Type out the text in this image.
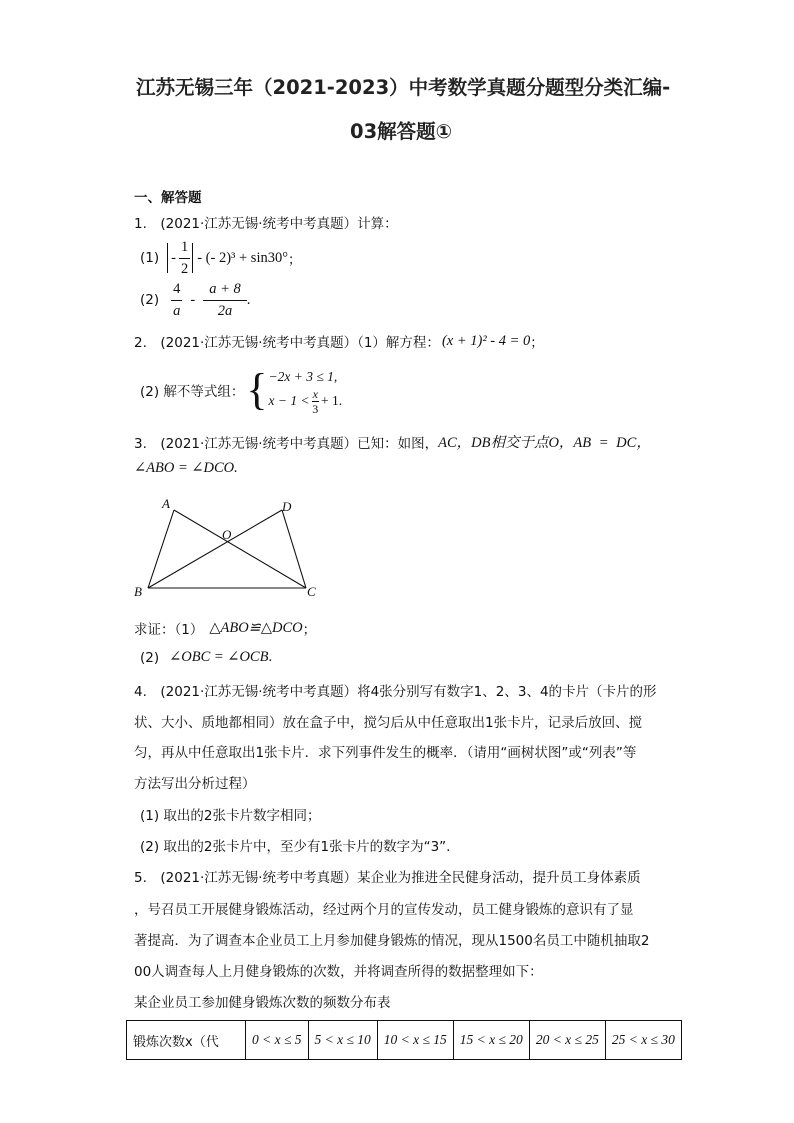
江苏无锡三年（2021-2023）中考数学真题分题型分类汇编-
03解答题①
一、解答题
1.　(2021·江苏无锡·统考中考真题）计算：
$(1) - \frac{1}{2}$ - (- 2)³ + sin30° ；
$(2) \frac{4}{a} - \frac{a + 8}{2a}$ .
2.　(2021·江苏无锡·统考中考真题）（1）解方程： (x + 1)² - 4 = 0 ；
(2) 解不等式组： { −2x + 3 ≤ 1,
$x - 1 < \frac{x}{3} + 1$.
3.　(2021·江苏无锡·统考中考真题）已知：如图， AC，DB相交于点O，AB = DC，
∠ABO = ∠DCO.
A	D
O
B	C
求证：（1） △ABO≌△DCO ；
(2) ∠OBC = ∠OCB .
4.　(2021·江苏无锡·统考中考真题）将4张分别写有数字1、2、3、4的卡片（卡片的形
状、大小、质地都相同）放在盒子中，搅匀后从中任意取出1张卡片，记录后放回、搅
匀，再从中任意取出1张卡片．求下列事件发生的概率．（请用“画树状图”或“列表”等
方法写出分析过程）
(1) 取出的2张卡片数字相同；
(2) 取出的2张卡片中，至少有1张卡片的数字为“3”.
5.　(2021·江苏无锡·统考中考真题）某企业为推进全民健身活动，提升员工身体素质
，号召员工开展健身锻炼活动，经过两个月的宣传发动，员工健身锻炼的意识有了显
著提高．为了调查本企业员工上月参加健身锻炼的情况，现从1500名员工中随机抽取2
00人调查每人上月健身锻炼的次数，并将调查所得的数据整理如下：
某企业员工参加健身锻炼次数的频数分布表
锻炼次数x（代	0 < x ≤ 5	5 < x ≤ 10	10 < x ≤ 15	15 < x ≤ 20	20 < x ≤ 25	25 < x ≤ 30
